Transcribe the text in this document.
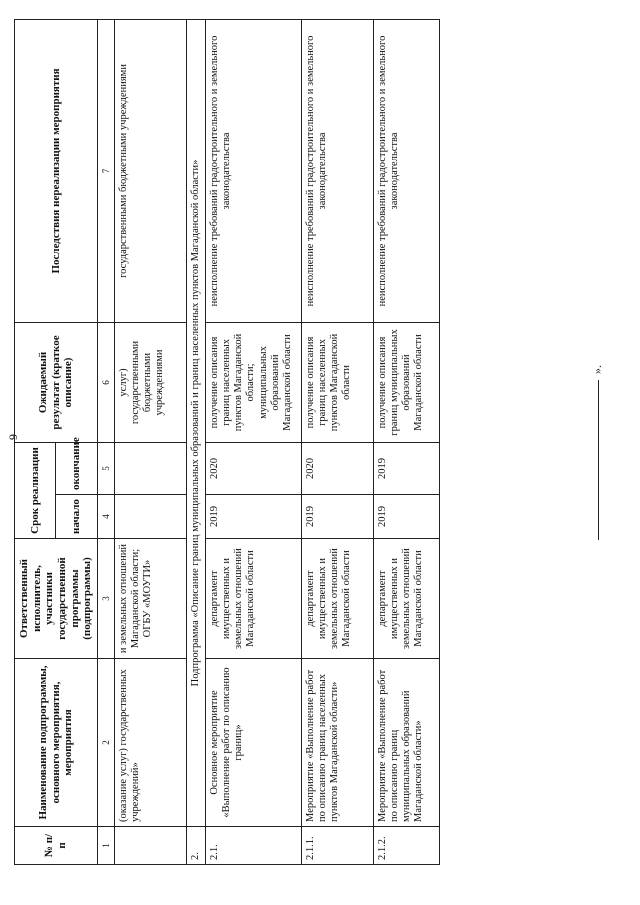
9
№ п/п	Наименование подпрограммы, основного мероприятия, мероприятия	Ответственный исполнитель, участники государственной программы (подпрограммы)	Срок реализации		Ожидаемый результат (краткое описание)	Последствия нереализации мероприятия
			начало	окончание		
1	2	3	4	5	6	7
	(оказание услуг) государственных учреждений»	и земельных отношений Магаданской области; ОГБУ «МОУТИ»			услуг) государственными бюджетными учреждениями	государственными бюджетными учреждениями
2.	Подпрограмма «Описание границ муниципальных образований и границ населенных пунктов Магаданской области»					
2.1.	Основное мероприятие «Выполнение работ по описанию границ»	департамент имущественных и земельных отношений Магаданской области	2019	2020	получение описания границ населенных пунктов Магаданской области; муниципальных образований Магаданской области	неисполнение требований градостроительного и земельного законодательства
2.1.1.	Мероприятие «Выполнение работ по описанию границ населенных пунктов Магаданской области»	департамент имущественных и земельных отношений Магаданской области	2019	2020	получение описания границ населенных пунктов Магаданской области	неисполнение требований градостроительного и земельного законодательства
2.1.2.	Мероприятие «Выполнение работ по описанию границ муниципальных образований Магаданской области»	департамент имущественных и земельных отношений Магаданской области	2019	2019	получение описания границ муниципальных образований Магаданской области	неисполнение требований градостроительного и земельного законодательства
».
